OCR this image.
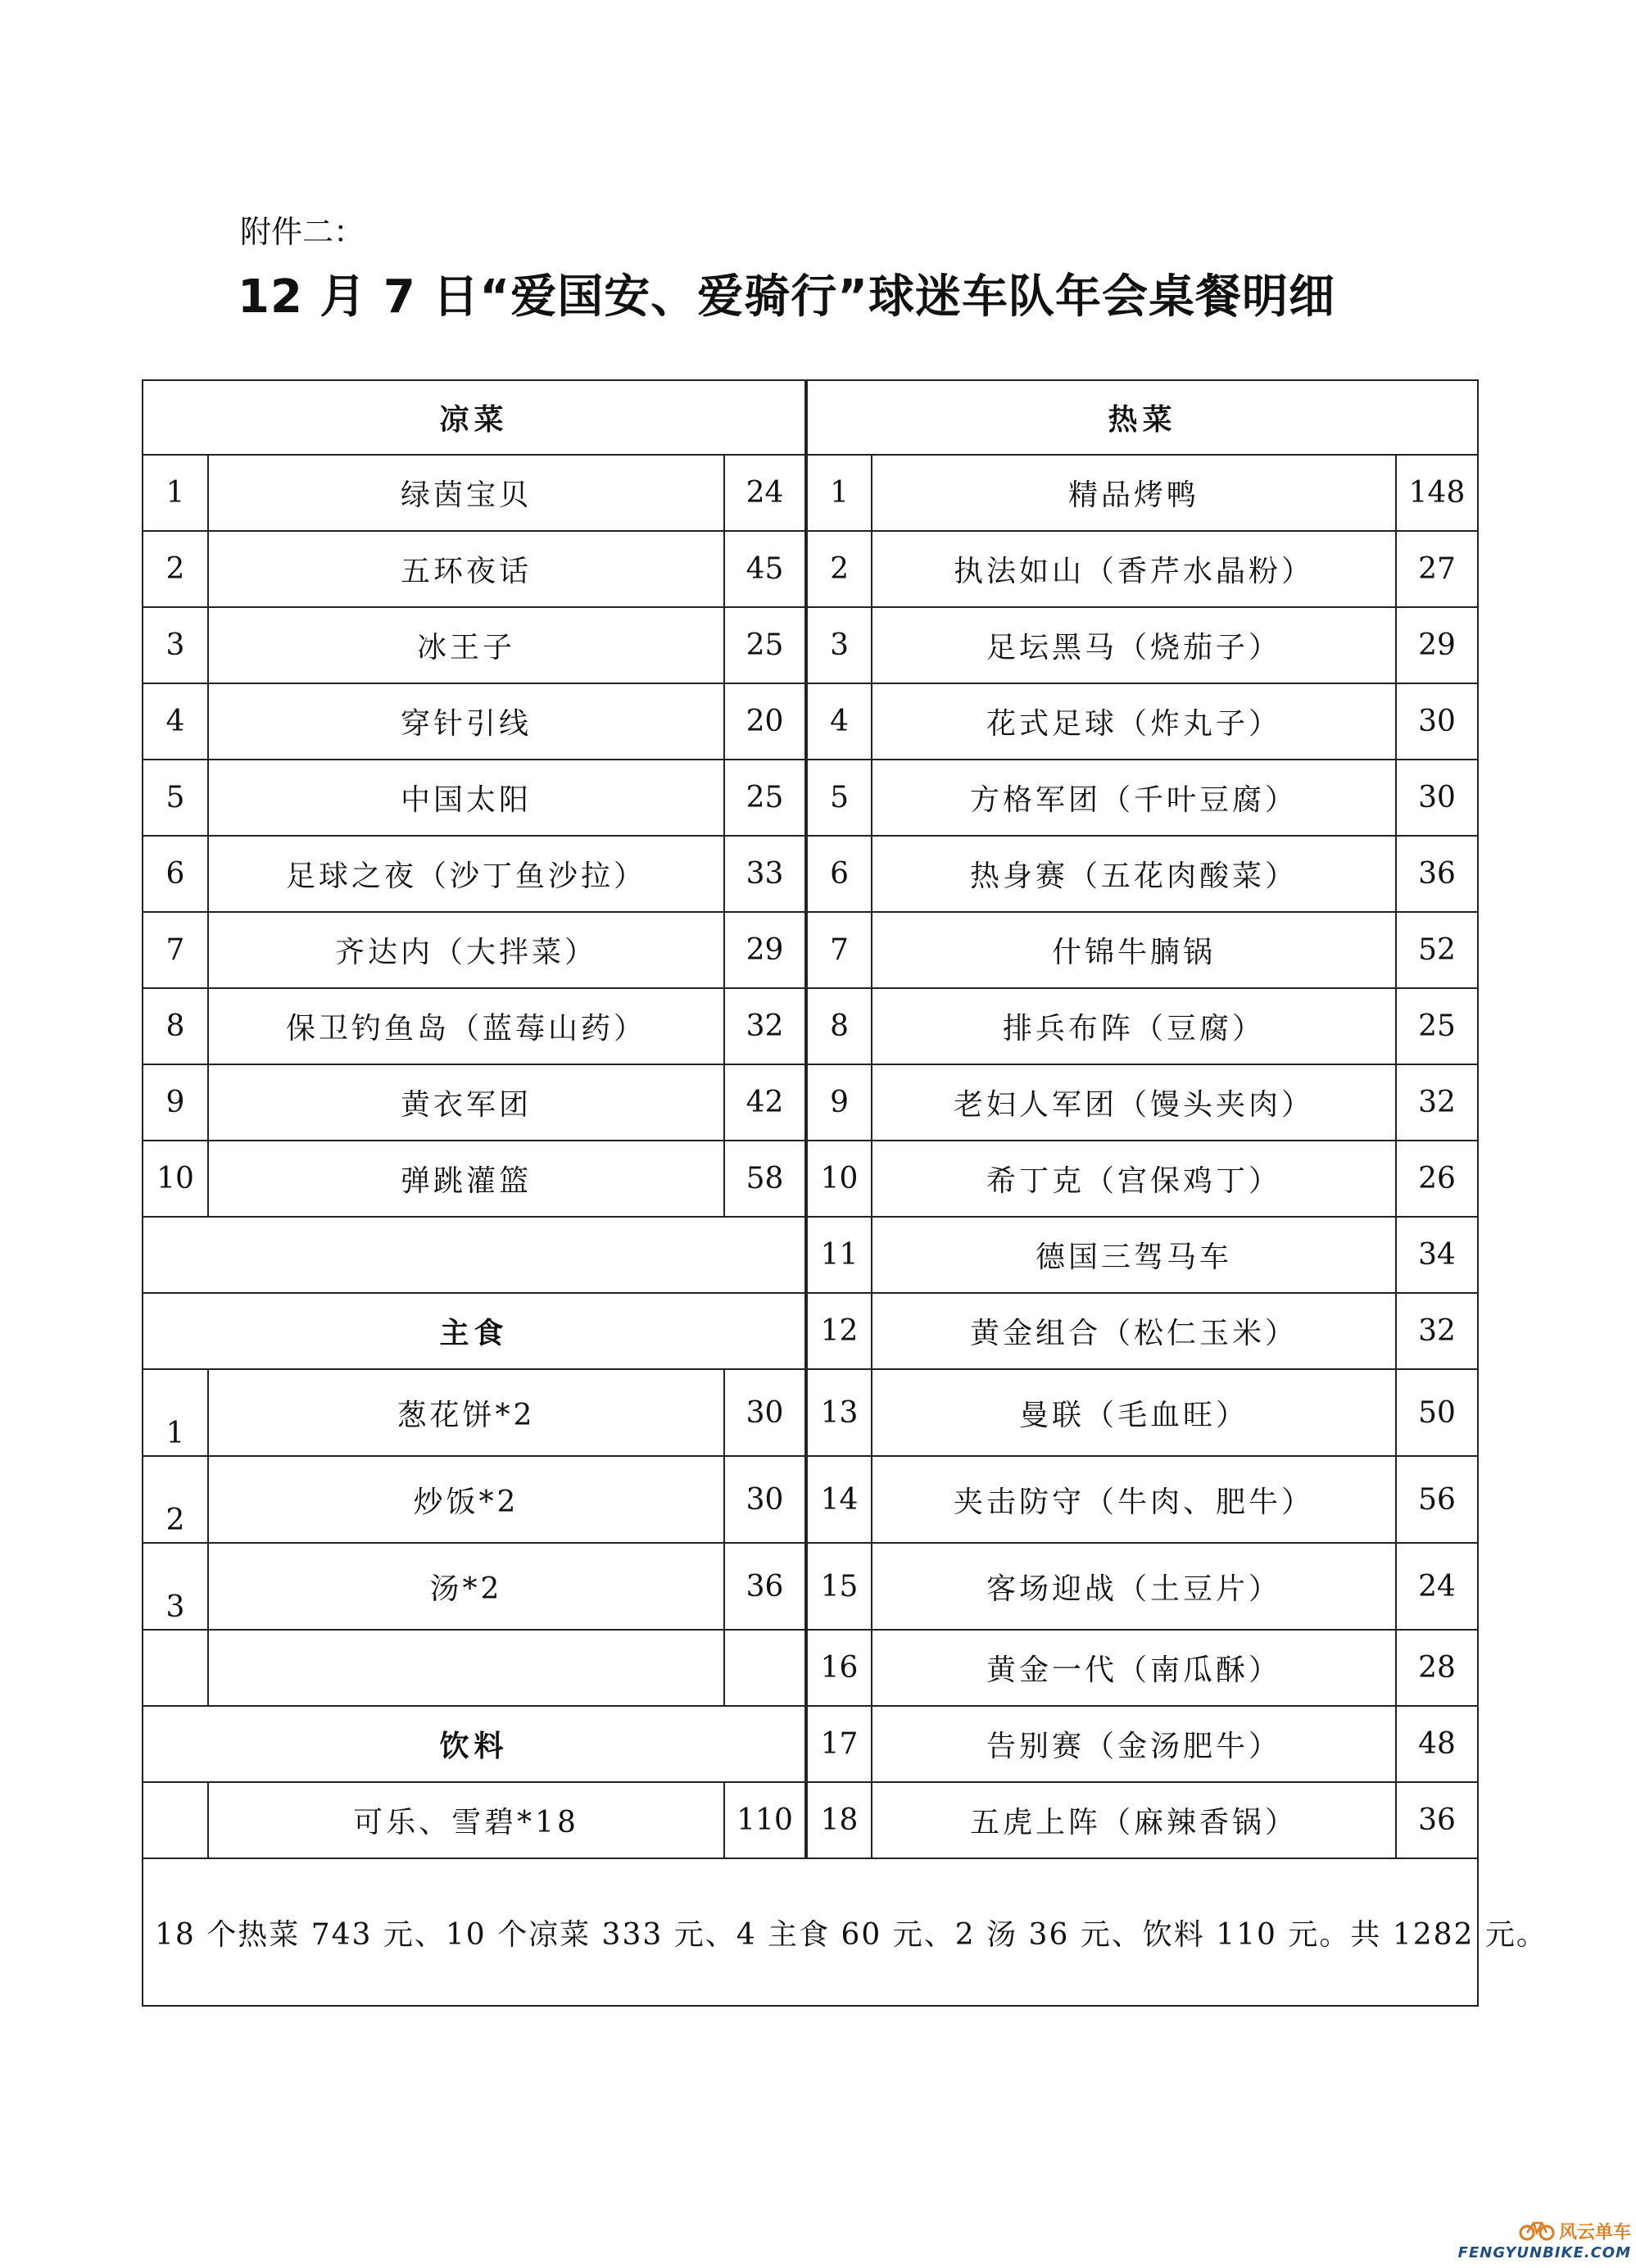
附件二：
12 月 7 日“爱国安、爱骑行”球迷车队年会桌餐明细
凉菜			热菜		
1	绿茵宝贝	24	1	精品烤鸭	148
2	五环夜话	45	2	执法如山（香芹水晶粉）	27
3	冰王子	25	3	足坛黑马（烧茄子）	29
4	穿针引线	20	4	花式足球（炸丸子）	30
5	中国太阳	25	5	方格军团（千叶豆腐）	30
6	足球之夜（沙丁鱼沙拉）	33	6	热身赛（五花肉酸菜）	36
7	齐达内（大拌菜）	29	7	什锦牛腩锅	52
8	保卫钓鱼岛（蓝莓山药）	32	8	排兵布阵（豆腐）	25
9	黄衣军团	42	9	老妇人军团（馒头夹肉）	32
10	弹跳灌篮	58	10	希丁克（宫保鸡丁）	26
			11	德国三驾马车	34
主食			12	黄金组合（松仁玉米）	32
1	葱花饼*2	30	13	曼联（毛血旺）	50
2	炒饭*2	30	14	夹击防守（牛肉、肥牛）	56
3	汤*2	36	15	客场迎战（土豆片）	24
			16	黄金一代（南瓜酥）	28
饮料			17	告别赛（金汤肥牛）	48
	可乐、雪碧*18	110	18	五虎上阵（麻辣香锅）	36
18 个热菜 743 元、10 个凉菜 333 元、4 主食 60 元、2 汤 36 元、饮料 110 元。共 1282 元。					
风云单车
FENGYUNBIKE.COM
